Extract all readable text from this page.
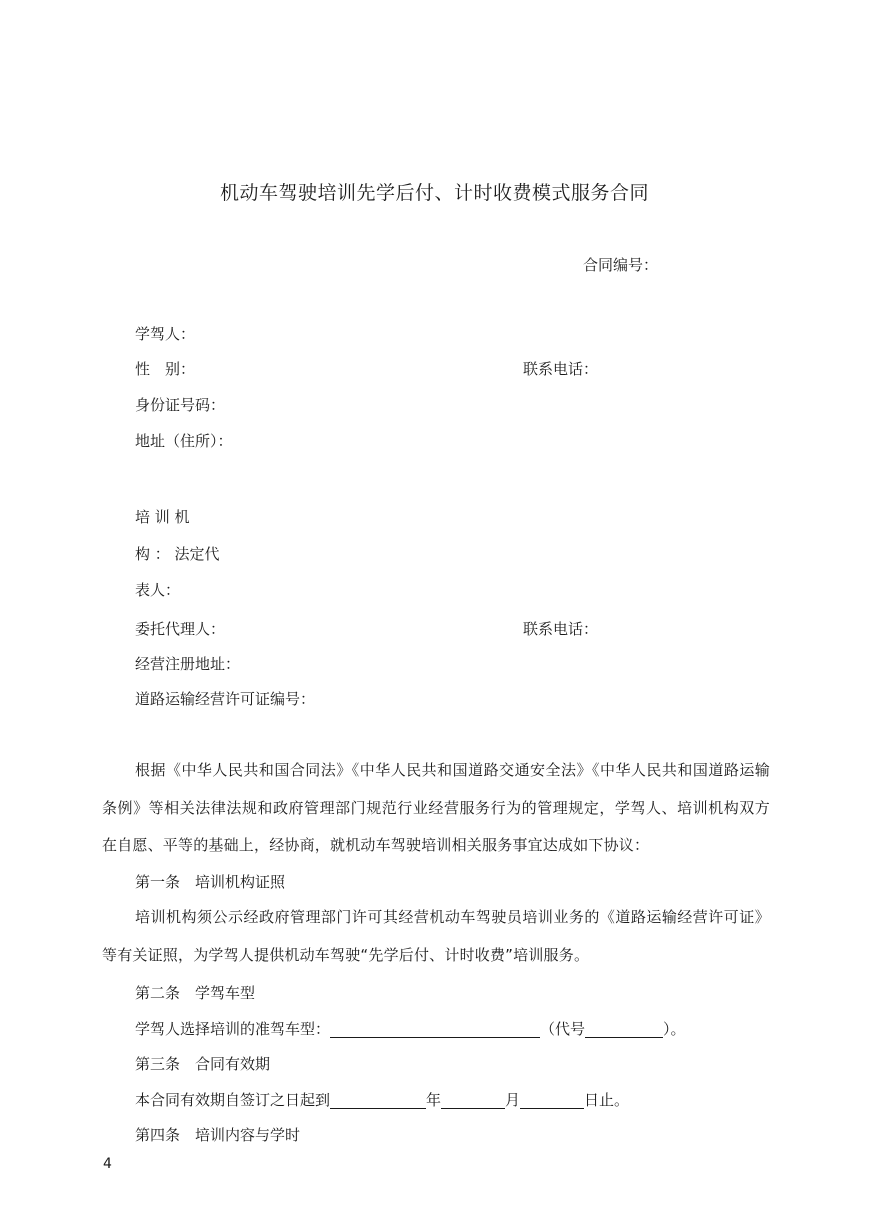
机动车驾驶培训先学后付、计时收费模式服务合同
合同编号：
学驾人：
性　别：	联系电话：
身份证号码：
地址（住所）：
培 训 机
构 ： 法定代
表人：
委托代理人：	联系电话：
经营注册地址：
道路运输经营许可证编号：
根据《中华人民共和国合同法》《中华人民共和国道路交通安全法》《中华人民共和国道路运输条例》等相关法律法规和政府管理部门规范行业经营服务行为的管理规定，学驾人、培训机构双方在自愿、平等的基础上，经协商，就机动车驾驶培训相关服务事宜达成如下协议：
第一条　培训机构证照
培训机构须公示经政府管理部门许可其经营机动车驾驶员培训业务的《道路运输经营许可证》等有关证照，为学驾人提供机动车驾驶“先学后付、计时收费”培训服务。
第二条　学驾车型
学驾人选择培训的准驾车型：	（代号	）。
第三条　合同有效期
本合同有效期自签订之日起到	年	月	日止。
第四条　培训内容与学时
4
